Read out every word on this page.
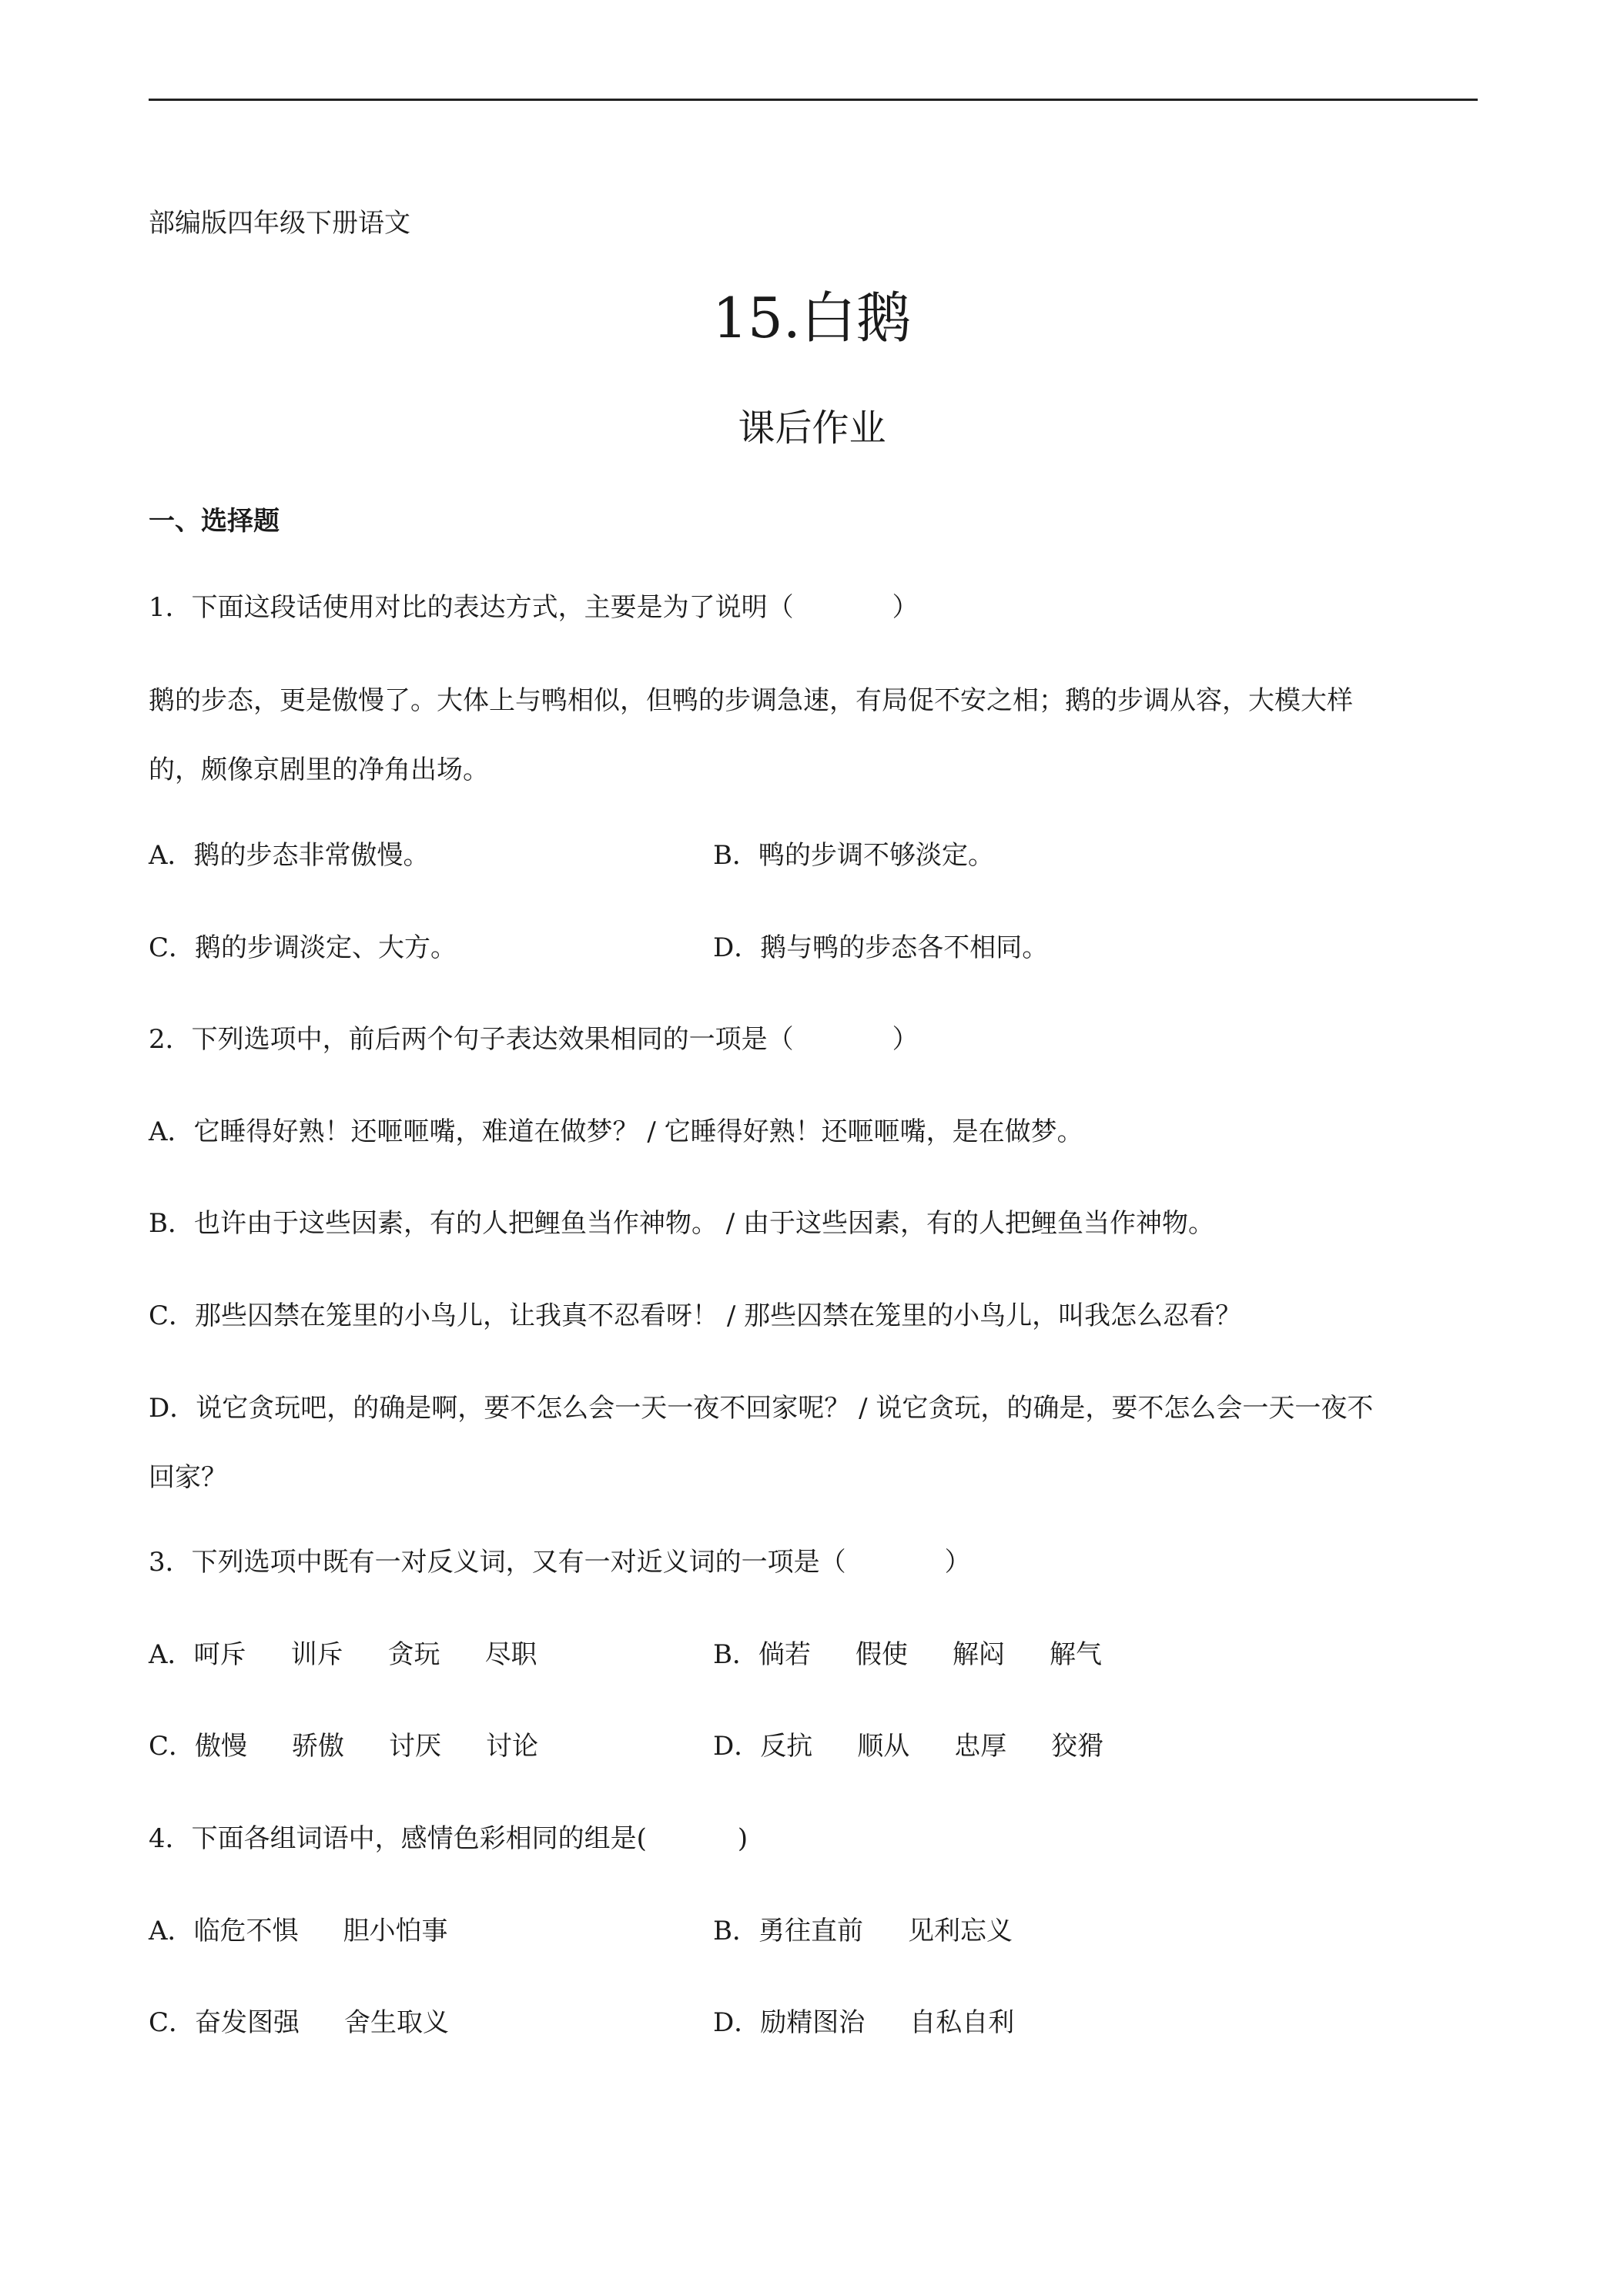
部编版四年级下册语文
15.白鹅
课后作业
一、选择题
1．下面这段话使用对比的表达方式，主要是为了说明（	）
鹅的步态，更是傲慢了。大体上与鸭相似，但鸭的步调急速，有局促不安之相；鹅的步调从容，大模大样
的，颇像京剧里的净角出场。
A．鹅的步态非常傲慢。	B．鸭的步调不够淡定。
C．鹅的步调淡定、大方。	D．鹅与鸭的步态各不相同。
2．下列选项中，前后两个句子表达效果相同的一项是（	）
A．它睡得好熟！还咂咂嘴，难道在做梦？ / 它睡得好熟！还咂咂嘴，是在做梦。
B．也许由于这些因素，有的人把鲤鱼当作神物。 / 由于这些因素，有的人把鲤鱼当作神物。
C．那些囚禁在笼里的小鸟儿，让我真不忍看呀！ / 那些囚禁在笼里的小鸟儿，叫我怎么忍看？
D．说它贪玩吧，的确是啊，要不怎么会一天一夜不回家呢？ / 说它贪玩，的确是，要不怎么会一天一夜不
回家？
3．下列选项中既有一对反义词，又有一对近义词的一项是（	）
A．呵斥 训斥 贪玩 尽职	B．倘若 假使 解闷 解气
C．傲慢 骄傲 讨厌 讨论	D．反抗 顺从 忠厚 狡猾
4．下面各组词语中，感情色彩相同的组是(	)
A．临危不惧 胆小怕事	B．勇往直前 见利忘义
C．奋发图强 舍生取义	D．励精图治 自私自利
